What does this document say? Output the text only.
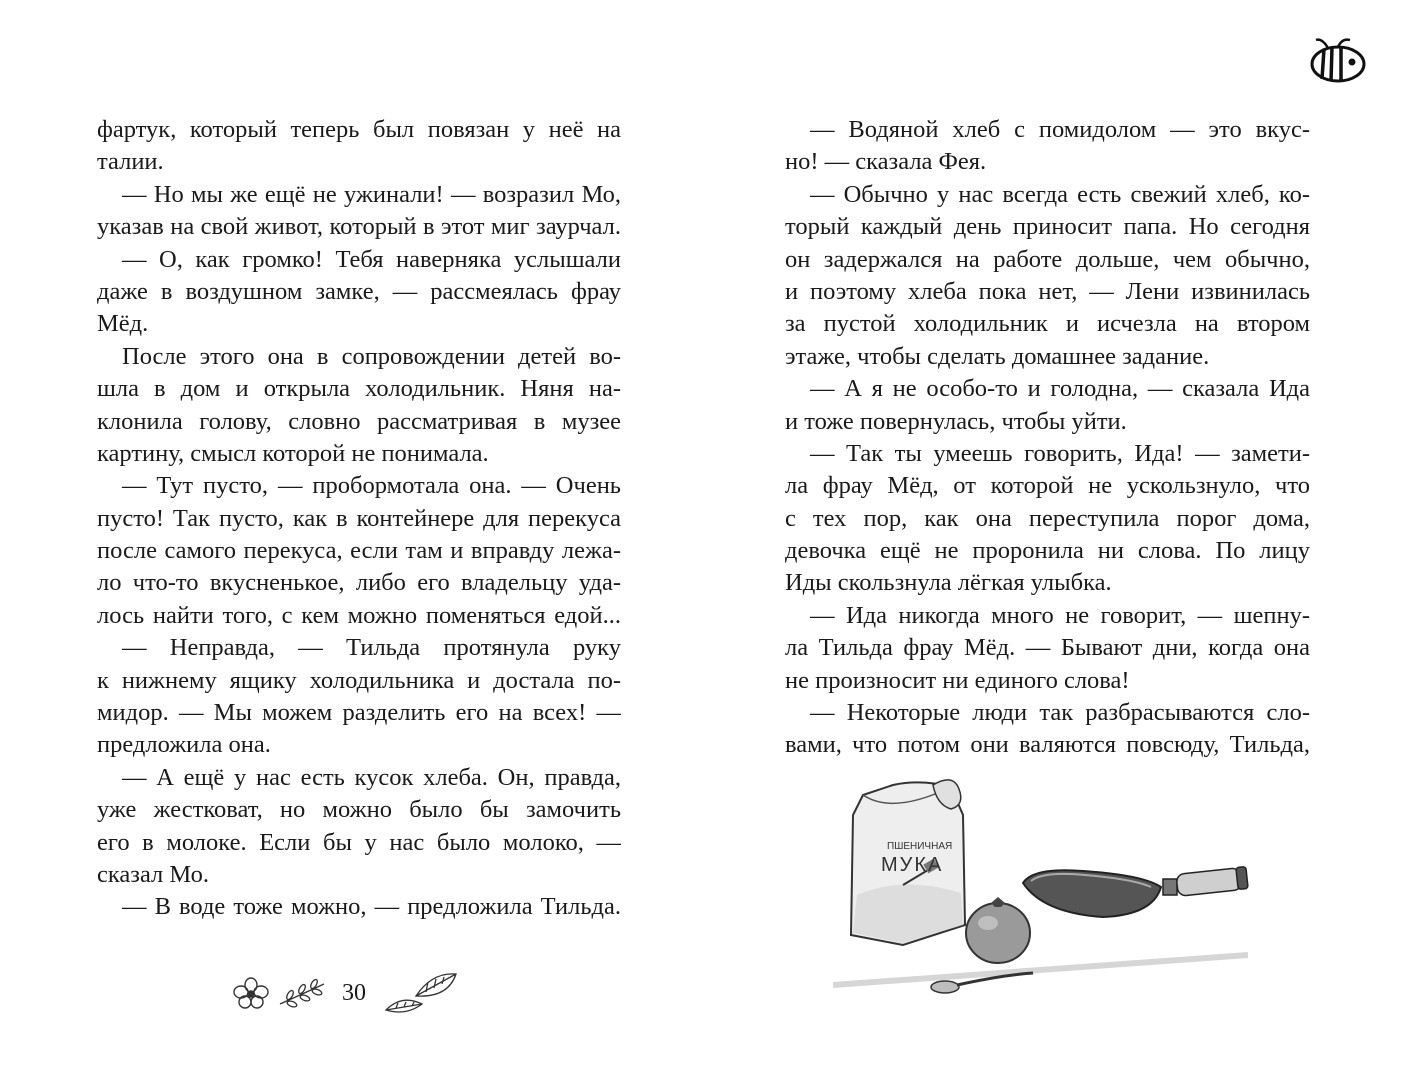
фартук, который теперь был повязан у неё на
талии.
— Но мы же ещё не ужинали! — возразил Мо,
указав на свой живот, который в этот миг заурчал.
— О, как громко! Тебя наверняка услышали
даже в воздушном замке, — рассмеялась фрау
Мёд.
После этого она в сопровождении детей во-
шла в дом и открыла холодильник. Няня на-
клонила голову, словно рассматривая в музее
картину, смысл которой не понимала.
— Тут пусто, — пробормотала она. — Очень
пусто! Так пусто, как в контейнере для перекуса
после самого перекуса, если там и вправду лежа-
ло что-то вкусненькое, либо его владельцу уда-
лось найти того, с кем можно поменяться едой...
— Неправда, — Тильда протянула руку
к нижнему ящику холодильника и достала по-
мидор. — Мы можем разделить его на всех! —
предложила она.
— А ещё у нас есть кусок хлеба. Он, правда,
уже жестковат, но можно было бы замочить
его в молоке. Если бы у нас было молоко, —
сказал Мо.
— В воде тоже можно, — предложила Тильда.
30
— Водяной хлеб с помидолом — это вкус-
но! — сказала Фея.
— Обычно у нас всегда есть свежий хлеб, ко-
торый каждый день приносит папа. Но сегодня
он задержался на работе дольше, чем обычно,
и поэтому хлеба пока нет, — Лени извинилась
за пустой холодильник и исчезла на втором
этаже, чтобы сделать домашнее задание.
— А я не особо-то и голодна, — сказала Ида
и тоже повернулась, чтобы уйти.
— Так ты умеешь говорить, Ида! — замети-
ла фрау Мёд, от которой не ускользнуло, что
с тех пор, как она переступила порог дома,
девочка ещё не проронила ни слова. По лицу
Иды скользнула лёгкая улыбка.
— Ида никогда много не говорит, — шепну-
ла Тильда фрау Мёд. — Бывают дни, когда она
не произносит ни единого слова!
— Некоторые люди так разбрасываются сло-
вами, что потом они валяются повсюду, Тильда,
ПШЕНИЧНАЯ
МУКА
